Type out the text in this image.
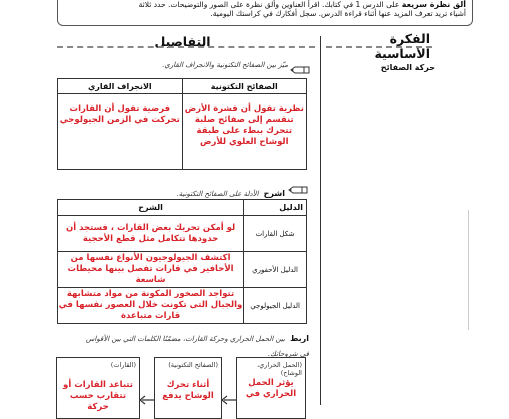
ألق نظرة سريعة على الدرس 1 في كتابك. اقرأ العناوين وألق نظرة على الصور والتوضيحات. حدد ثلاثة
أشياء تريد تعرف المزيد عنها أثناء قراءة الدرس. سجل أفكارك في كراستك اليومية.
الفكرة الأساسية
التفاصيل
حركة الصفائح
ميّز بين الصفائح التكتونية والانجراف القاري.
الانجراف القاري	الصفائح التكتونية
فرضية تقول أن القارات تحركت في الزمن الجيولوجي	نظرية تقول أن قشرة الأرض تنقسم إلى صفائح صلبة تتحرك ببطء على طبقة الوشاح العلوي للأرض
اشرح الأدلة على الصفائح التكتونية.
الشرح	الدليل
لو أمكن تحريك بعض القارات ، فستجد أن حدودها تتكامل مثل قطع الأحجية	شكل القارات
اكتشف الجيولوجيون الأنواع نفسها من الأحافير في قارات تفصل بينها محيطات شاسعة	الدليل الأحفوري
تتواجد الصخور المكونة من مواد متشابهة والجبال التى تكونت خلال العصور نفسها في قارات متباعدة	الدليل الجيولوجي
اربط بين الحمل الحراري وحركة القارات، مضمّنًا الكلمات التي بين الأقواس
في شروحاتك.
(الصفائح التكتونية)
أثناء تحرك الوشاح يدفع
(القارات)
تتباعد القارات أو تتقارب حسب حركة
(الحمل الحراري، الوشاح)
يؤثر الحمل الحراري في
